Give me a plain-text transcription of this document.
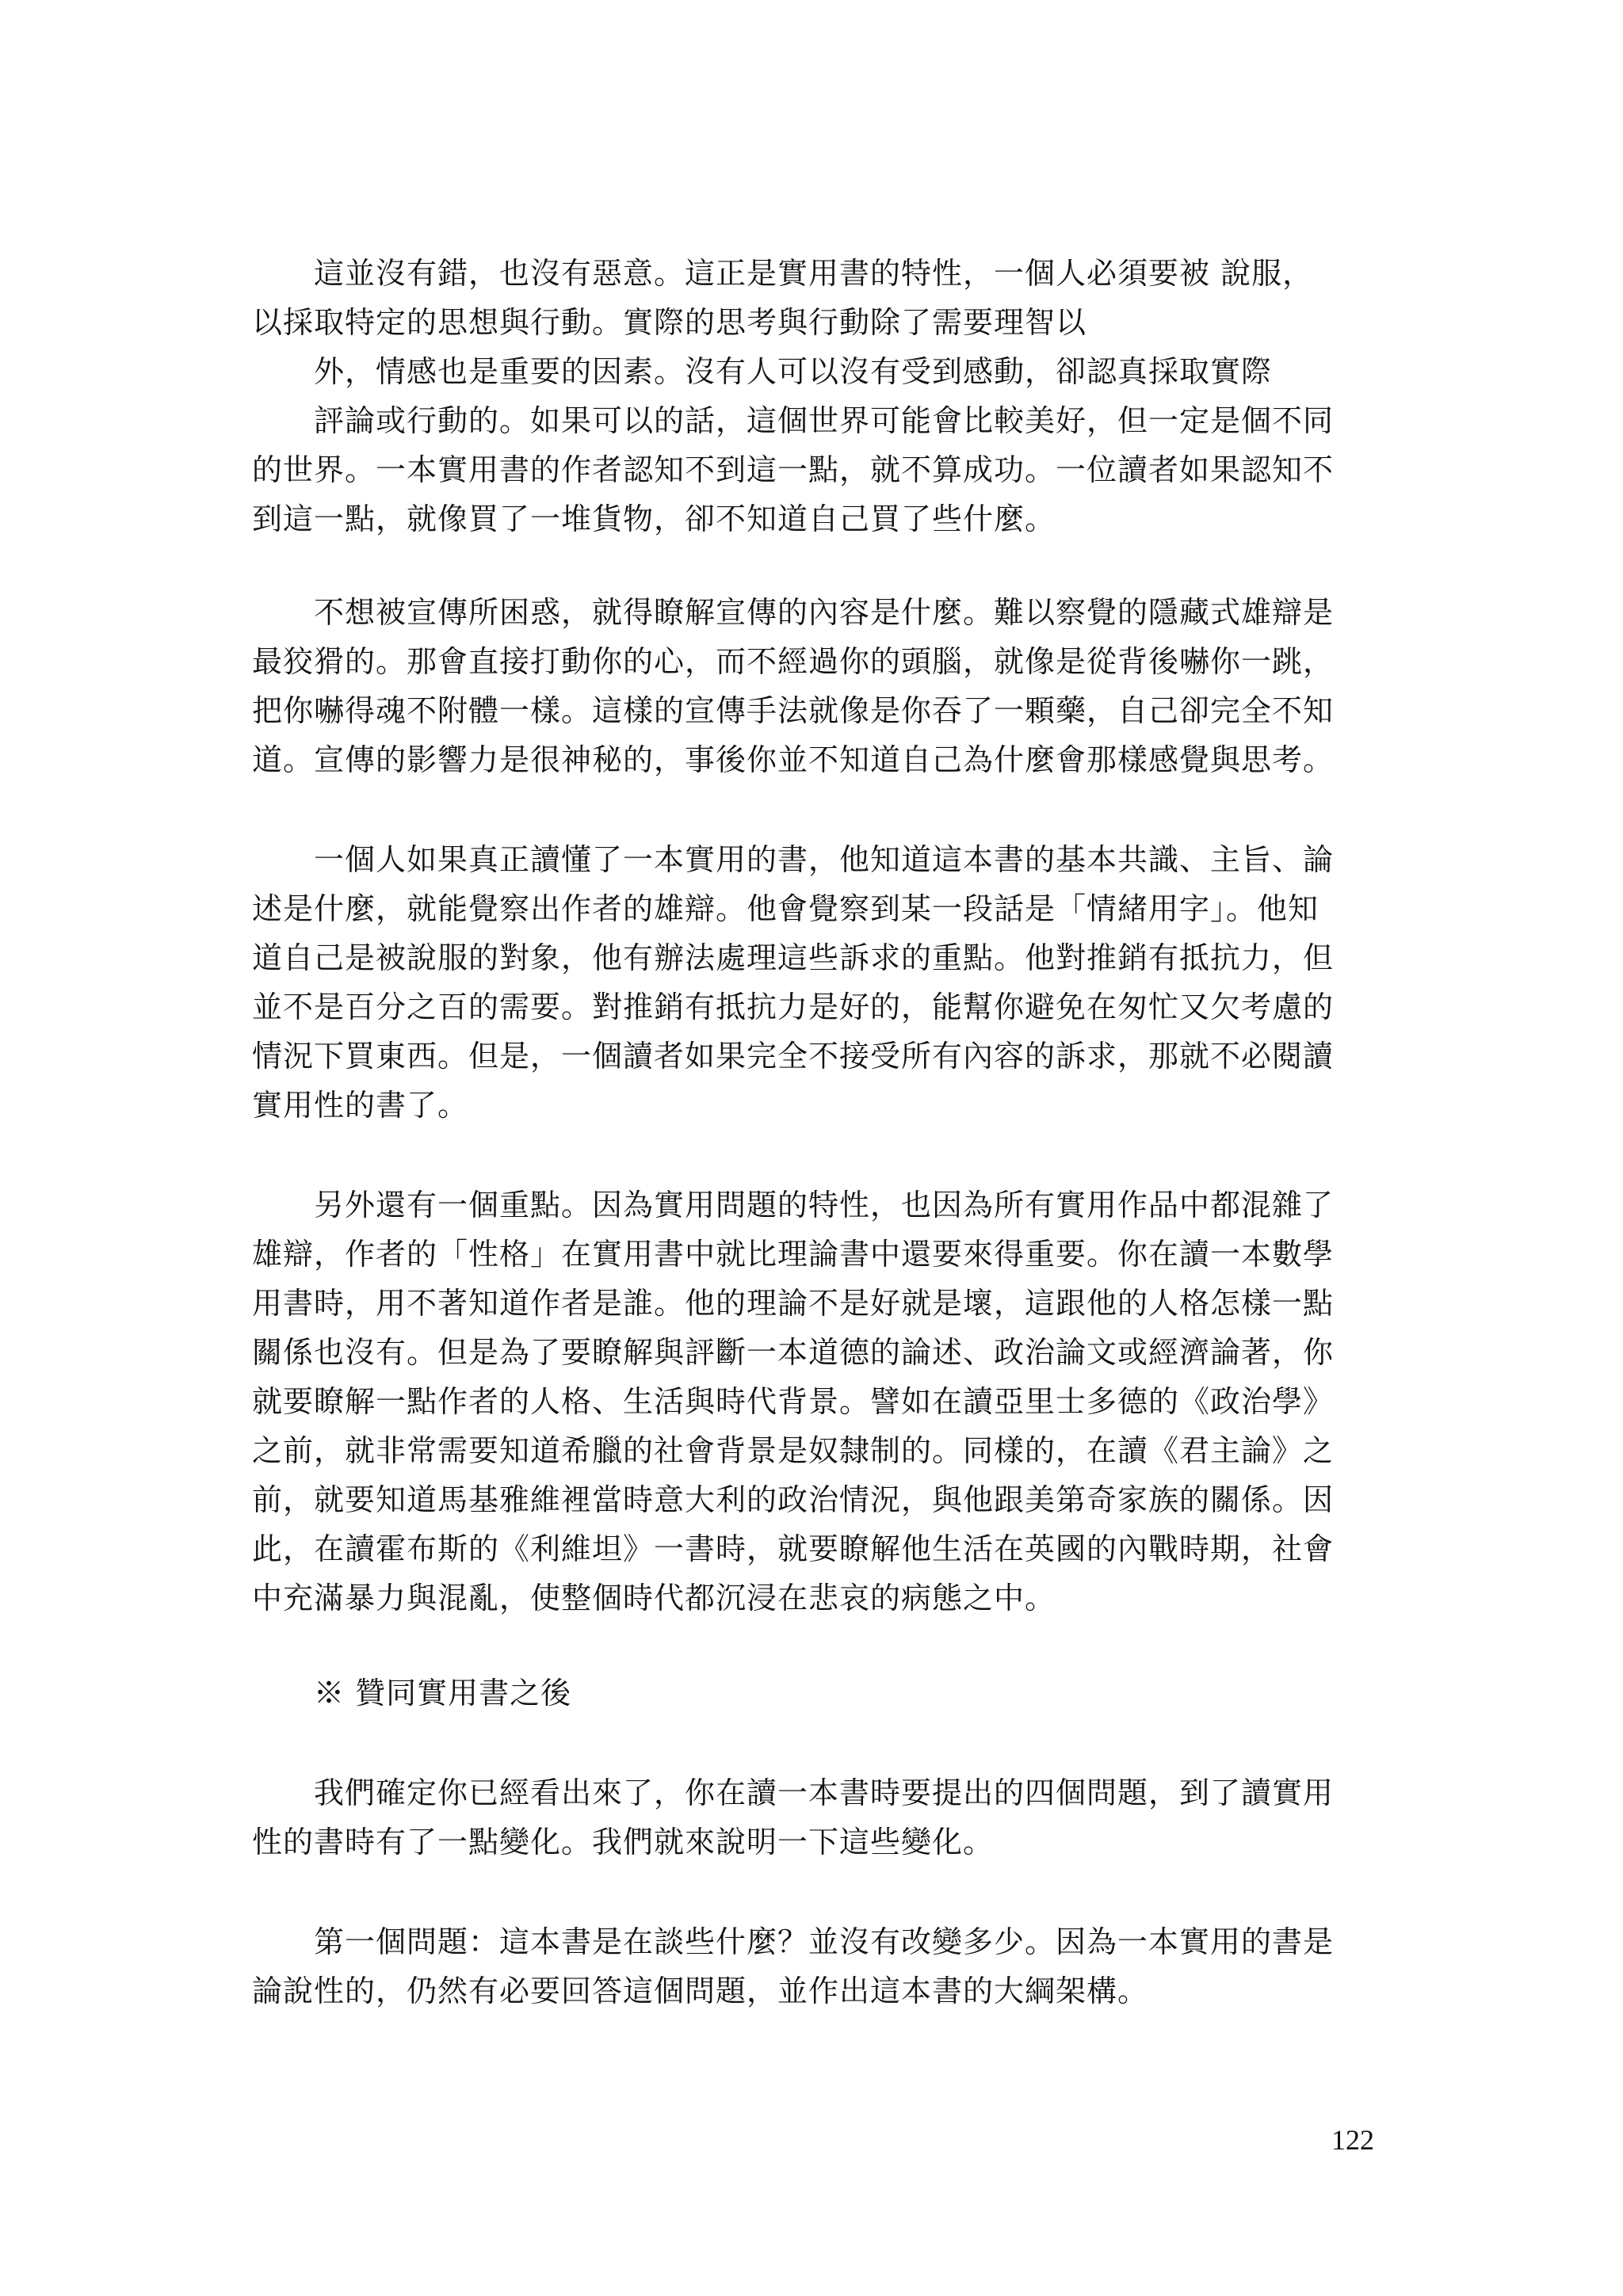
這並沒有錯，也沒有惡意。這正是實用書的特性，一個人必須要被 說服，
以採取特定的思想與行動。實際的思考與行動除了需要理智以
外，情感也是重要的因素。沒有人可以沒有受到感動，卻認真採取實際
評論或行動的。如果可以的話，這個世界可能會比較美好，但一定是個不同
的世界。一本實用書的作者認知不到這一點，就不算成功。一位讀者如果認知不
到這一點，就像買了一堆貨物，卻不知道自己買了些什麼。
不想被宣傳所困惑，就得瞭解宣傳的內容是什麼。難以察覺的隱藏式雄辯是
最狡猾的。那會直接打動你的心，而不經過你的頭腦，就像是從背後嚇你一跳，
把你嚇得魂不附體一樣。這樣的宣傳手法就像是你吞了一顆藥，自己卻完全不知
道。宣傳的影響力是很神秘的，事後你並不知道自己為什麼會那樣感覺與思考。
一個人如果真正讀懂了一本實用的書，他知道這本書的基本共識、主旨、論
述是什麼，就能覺察出作者的雄辯。他會覺察到某一段話是「情緒用字」。他知
道自己是被說服的對象，他有辦法處理這些訴求的重點。他對推銷有抵抗力，但
並不是百分之百的需要。對推銷有抵抗力是好的，能幫你避免在匆忙又欠考慮的
情況下買東西。但是，一個讀者如果完全不接受所有內容的訴求，那就不必閱讀
實用性的書了。
另外還有一個重點。因為實用問題的特性，也因為所有實用作品中都混雜了
雄辯，作者的「性格」在實用書中就比理論書中還要來得重要。你在讀一本數學
用書時，用不著知道作者是誰。他的理論不是好就是壞，這跟他的人格怎樣一點
關係也沒有。但是為了要瞭解與評斷一本道德的論述、政治論文或經濟論著，你
就要瞭解一點作者的人格、生活與時代背景。譬如在讀亞里士多德的《政治學》
之前，就非常需要知道希臘的社會背景是奴隸制的。同樣的，在讀《君主論》之
前，就要知道馬基雅維裡當時意大利的政治情況，與他跟美第奇家族的關係。因
此，在讀霍布斯的《利維坦》一書時，就要瞭解他生活在英國的內戰時期，社會
中充滿暴力與混亂，使整個時代都沉浸在悲哀的病態之中。
※ 贊同實用書之後
我們確定你已經看出來了，你在讀一本書時要提出的四個問題，到了讀實用
性的書時有了一點變化。我們就來說明一下這些變化。
第一個問題：這本書是在談些什麼？並沒有改變多少。因為一本實用的書是
論說性的，仍然有必要回答這個問題，並作出這本書的大綱架構。
122
